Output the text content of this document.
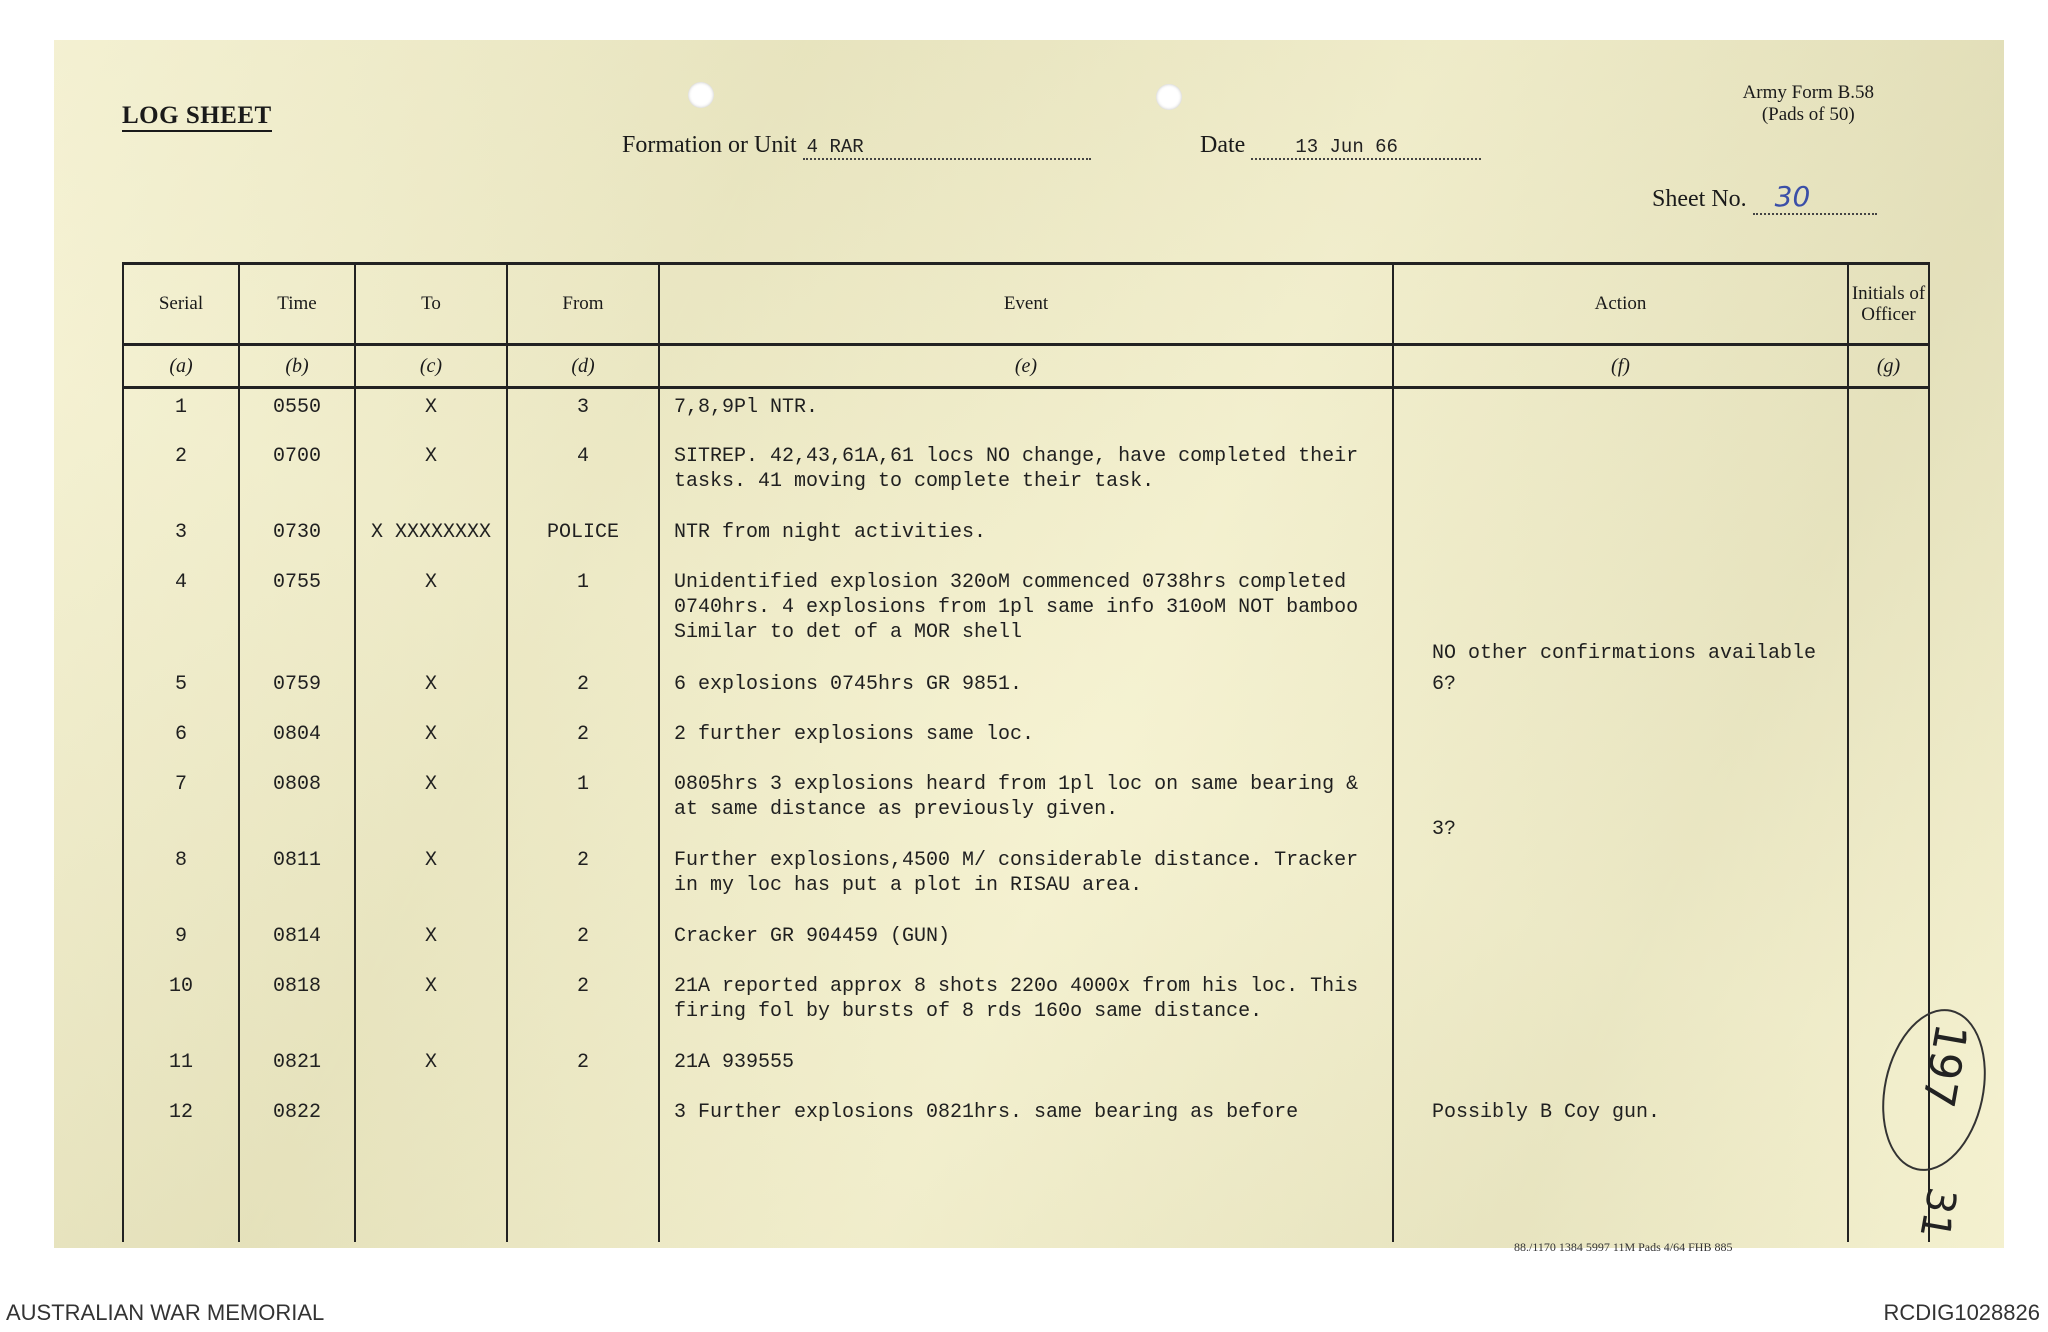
LOG SHEET
Army Form B.58
(Pads of 50)
Formation or Unit 4 RAR	Date	13 Jun 66
Sheet No. 30
Serial	Time	To	From	Event	Action	Initials of Officer
(a)	(b)	(c)	(d)	(e)	(f)	(g)
1	0550	X	3	7,8,9Pl NTR.		
2	0700	X	4	SITREP. 42,43,61A,61 locs NO change, have completed their tasks. 41 moving to complete their task.		
3	0730	X XXXXXXXX	POLICE	NTR from night activities.		
4	0755	X	1	Unidentified explosion 320oM commenced 0738hrs completed 0740hrs. 4 explosions from 1pl same info 310oM NOT bamboo Similar to det of a MOR shell	NO other confirmations available	
5	0759	X	2	6 explosions 0745hrs GR 9851.	6?	
6	0804	X	2	2 further explosions same loc.		
7	0808	X	1	0805hrs 3 explosions heard from 1pl loc on same bearing & at same distance as previously given.	3?	
8	0811	X	2	Further explosions,4500 M/ considerable distance. Tracker in my loc has put a plot in RISAU area.		
9	0814	X	2	Cracker GR 904459 (GUN)		
10	0818	X	2	21A reported approx 8 shots 220o 4000x from his loc. This firing fol by bursts of 8 rds 160o same distance.		
11	0821	X	2	21A 939555		
12	0822			3 Further explosions 0821hrs. same bearing as before	Possibly B Coy gun.	

88./1170 1384 5997 11M Pads 4/64 FHB 885
197
31
AUSTRALIAN WAR MEMORIAL	RCDIG1028826
